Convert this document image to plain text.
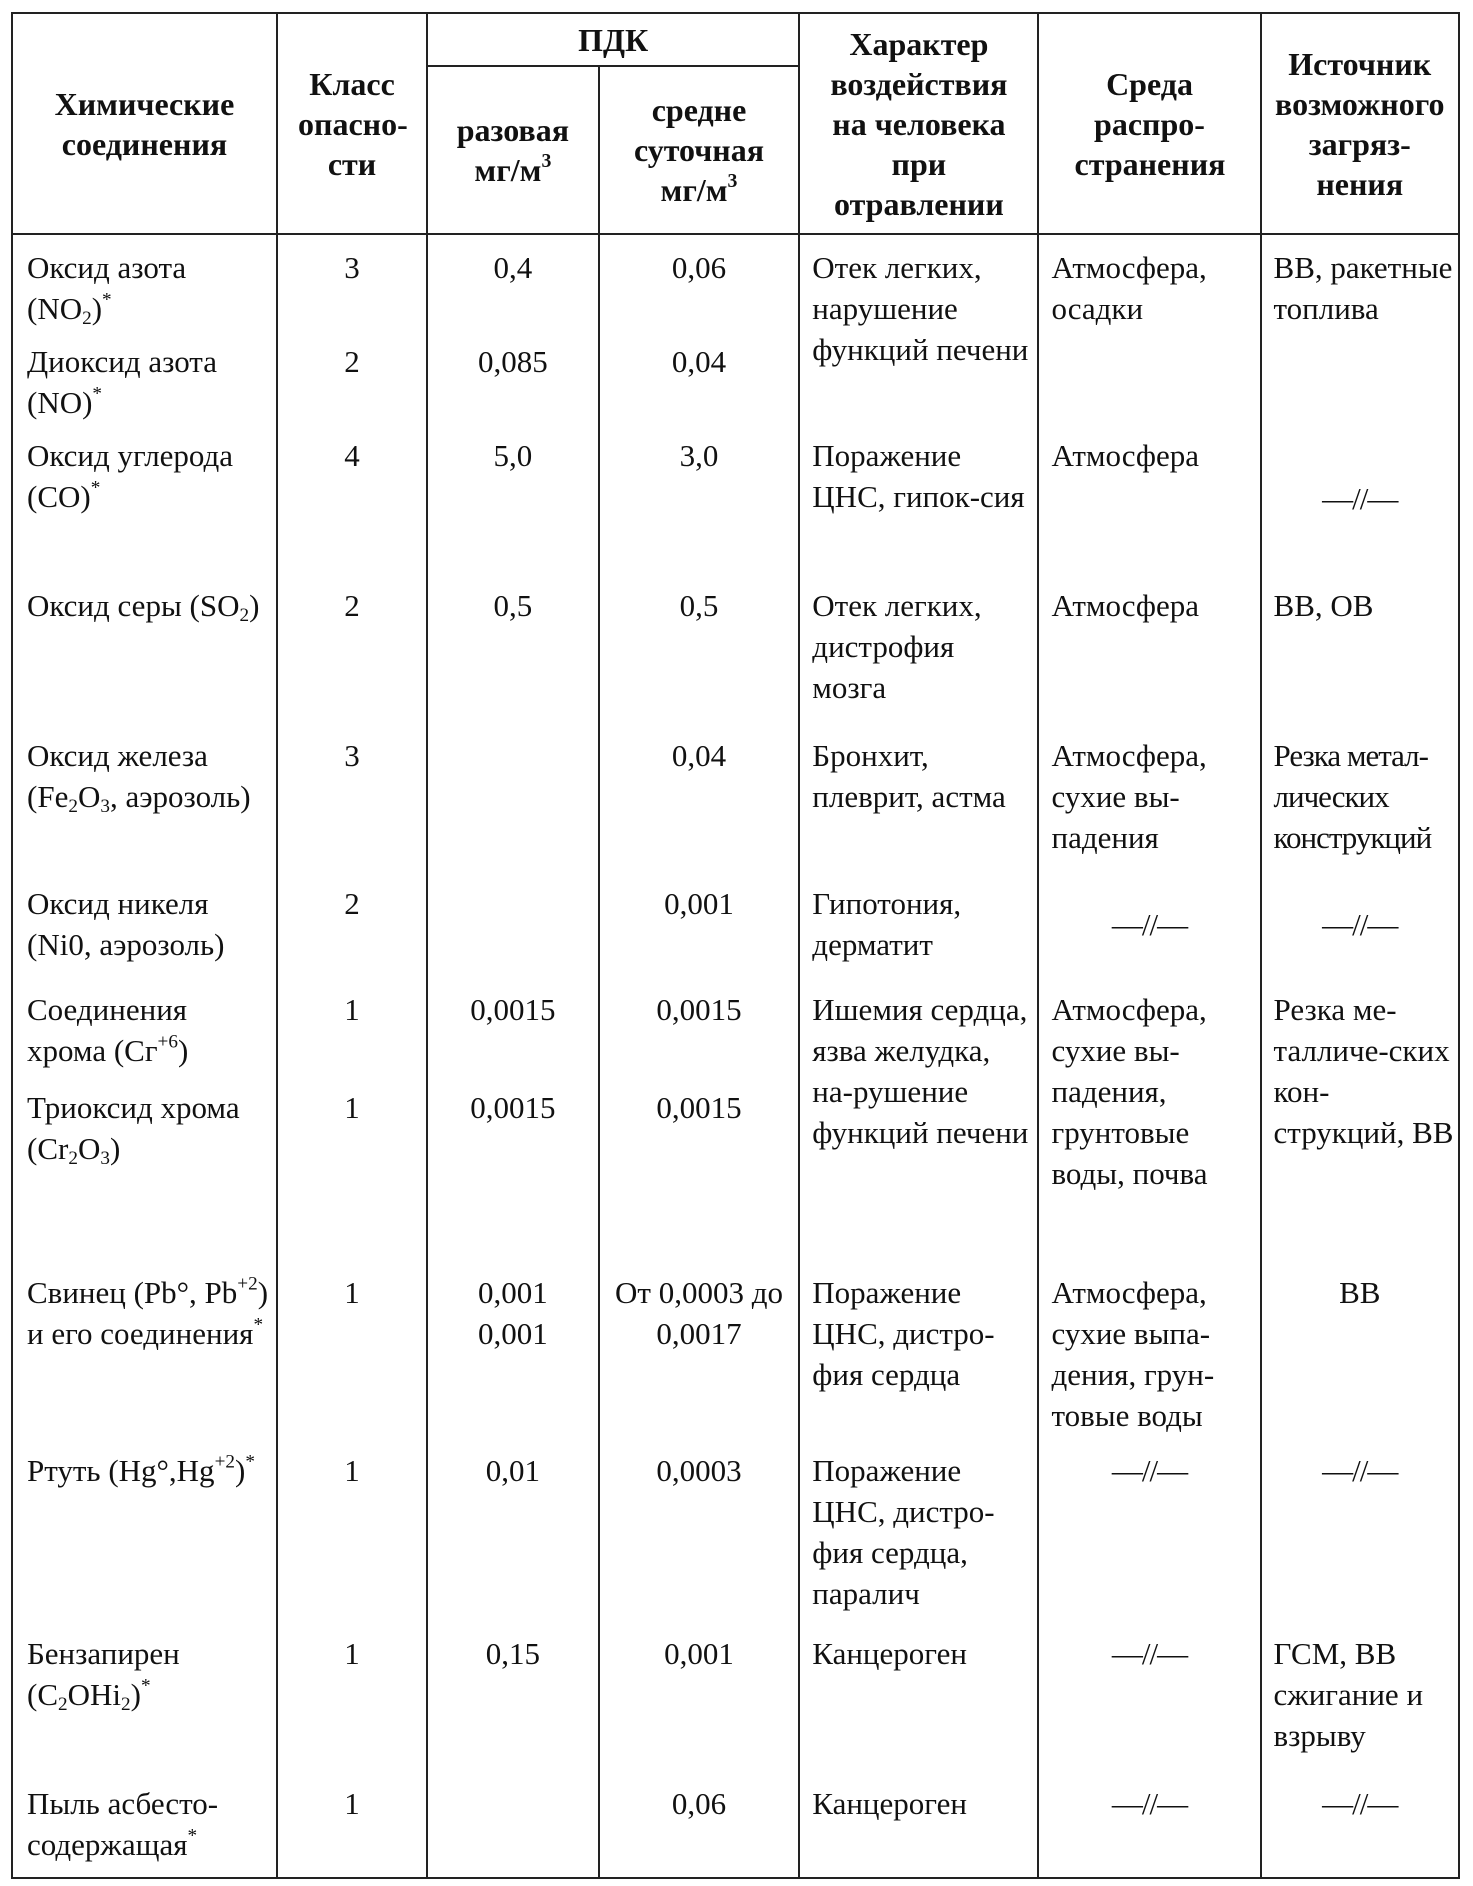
Химические соединения	Класс опасно-сти	ПДК		Характер воздействия на человека при отравлении	Среда распро-странения	Источник возможного загряз-нения

		разовая $мг/м^3$	средне суточная $мг/м^3$

Оксид азота $(NO_2)^*$	3	0,4	0,06	Отек легких, нарушение функций печени	Атмосфера, осадки	ВВ, ракетные топлива
Диоксид азота (NO)*	2	0,085	0,04			
Оксид углерода (CO)*	4	5,0	3,0	Поражение ЦНС, гипок-сия	Атмосфера	—//—
Оксид серы $(SO_2)$	2	0,5	0,5	Отек легких, дистрофия мозга	Атмосфера	ВВ, ОВ
Оксид железа ($Fe_2O_3$, аэрозоль)	3		0,04	Бронхит, плеврит, астма	Атмосфера, сухие вы-падения	Резка метал-лических конструкций
Оксид никеля (Ni0, аэрозоль)	2		0,001	Гипотония, дерматит	—//—	—//—
Соединения хрома $(Сг^{+6})$	1	0,0015	0,0015	Ишемия сердца, язва желудка, на-рушение функций печени	Атмосфера, сухие вы-падения, грунтовые воды, почва	Резка ме-талличе-ских кон-струкций, ВВ
Триоксид хрома $(Cr_2O_3)$	1	0,0015	0,0015			
Свинец (Pb°, $Pb^{+2}$) и его соединения*	1	0,001 0,001	От 0,0003 до 0,0017	Поражение ЦНС, дистро-фия сердца	Атмосфера, сухие выпа-дения, грун-товые воды	ВВ
Ртуть $(Hg^\circ,Hg^{+2})^*$	1	0,01	0,0003	Поражение ЦНС, дистро-фия сердца, паралич	—//—	—//—
Бензапирен $(C_2OHi_2)^*$	1	0,15	0,001	Канцероген	—//—	ГСМ, ВВ сжигание и взрыву
Пыль асбесто-содержащая*	1		0,06	Канцероген	—//—	—//—
